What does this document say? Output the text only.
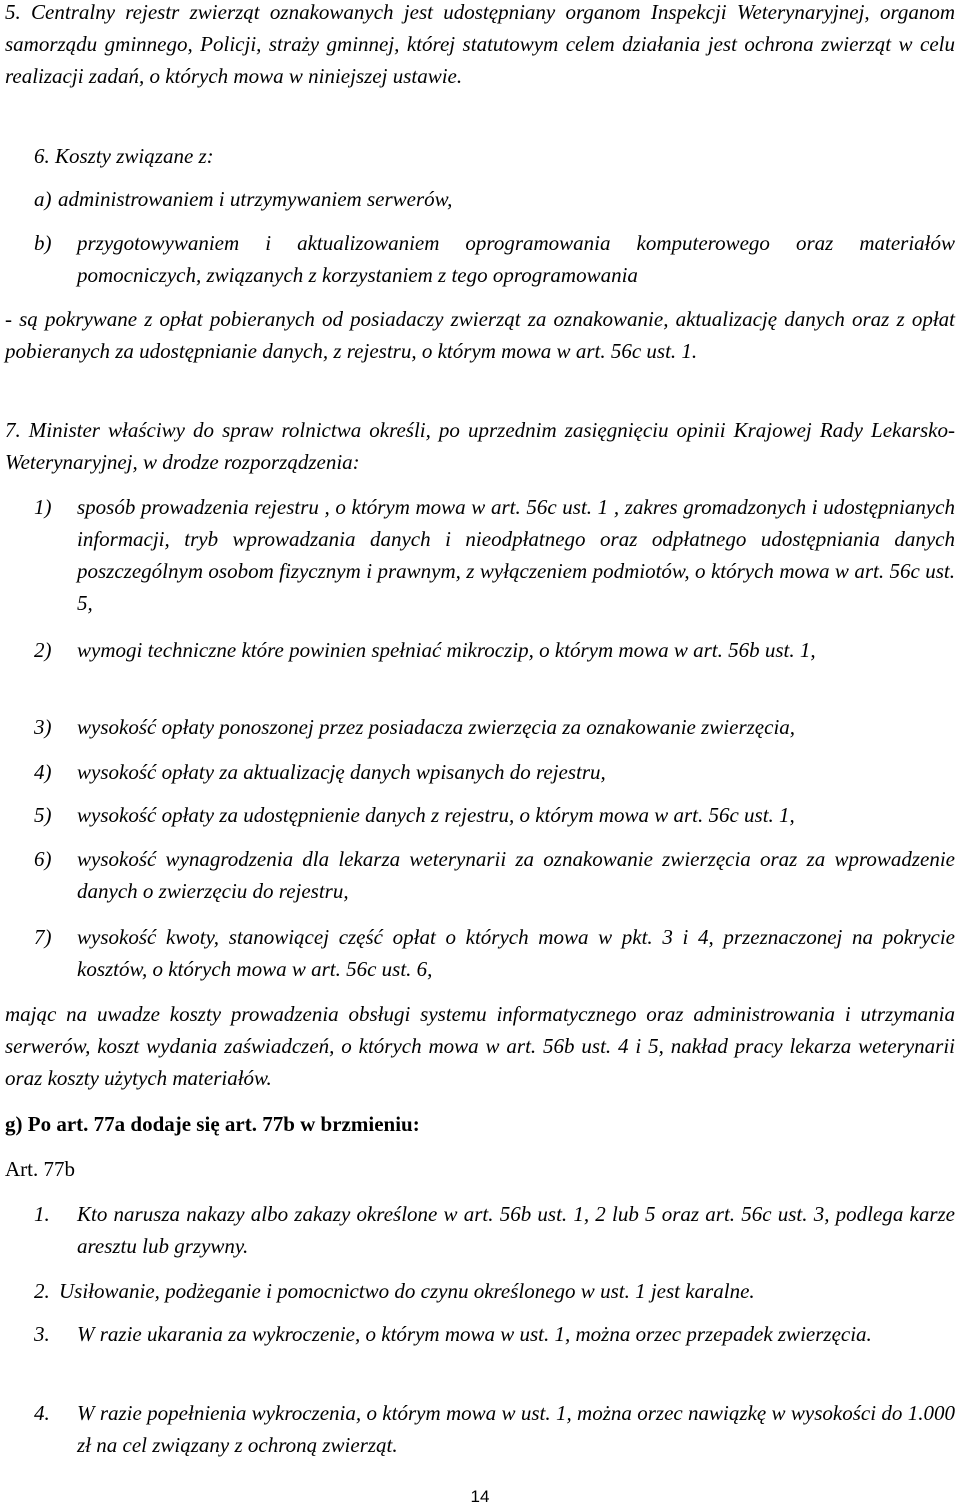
5. Centralny rejestr zwierząt oznakowanych jest udostępniany organom Inspekcji Weterynaryjnej, organom samorządu gminnego, Policji, straży gminnej, której statutowym celem działania jest ochrona zwierząt w celu realizacji zadań, o których mowa w niniejszej ustawie.
6. Koszty związane z:
a) administrowaniem i utrzymywaniem serwerów,
b) przygotowywaniem i aktualizowaniem oprogramowania komputerowego oraz materiałów pomocniczych, związanych z korzystaniem z tego oprogramowania
- są pokrywane z opłat pobieranych od posiadaczy zwierząt za oznakowanie, aktualizację danych oraz z opłat pobieranych za udostępnianie danych, z rejestru, o którym mowa w art. 56c ust. 1.
7. Minister właściwy do spraw rolnictwa określi, po uprzednim zasięgnięciu opinii Krajowej Rady Lekarsko-Weterynaryjnej, w drodze rozporządzenia:
1) sposób prowadzenia rejestru , o którym mowa w art. 56c ust. 1 , zakres gromadzonych i udostępnianych informacji, tryb wprowadzania danych i nieodpłatnego oraz odpłatnego udostępniania danych poszczególnym osobom fizycznym i prawnym, z wyłączeniem podmiotów, o których mowa w art. 56c ust. 5,
2) wymogi techniczne które powinien spełniać mikroczip, o którym mowa w art. 56b ust. 1,
3) wysokość opłaty ponoszonej przez posiadacza zwierzęcia za oznakowanie zwierzęcia,
4) wysokość opłaty za aktualizację danych wpisanych do rejestru,
5) wysokość opłaty za udostępnienie danych z rejestru, o którym mowa w art. 56c ust. 1,
6) wysokość wynagrodzenia dla lekarza weterynarii za oznakowanie zwierzęcia oraz za wprowadzenie danych o zwierzęciu do rejestru,
7) wysokość kwoty, stanowiącej część opłat o których mowa w pkt. 3 i 4, przeznaczonej na pokrycie kosztów, o których mowa w art. 56c ust. 6,
mając na uwadze koszty prowadzenia obsługi systemu informatycznego oraz administrowania i utrzymania serwerów, koszt wydania zaświadczeń, o których mowa w art. 56b ust. 4 i 5, nakład pracy lekarza weterynarii oraz koszty użytych materiałów.
g) Po art. 77a dodaje się art. 77b w brzmieniu:
Art. 77b
1. Kto narusza nakazy albo zakazy określone w art. 56b ust. 1, 2 lub 5 oraz art. 56c ust. 3, podlega karze aresztu lub grzywny.
2. Usiłowanie, podżeganie i pomocnictwo do czynu określonego w ust. 1 jest karalne.
3. W razie ukarania za wykroczenie, o którym mowa w ust. 1, można orzec przepadek zwierzęcia.
4. W razie popełnienia wykroczenia, o którym mowa w ust. 1, można orzec nawiązkę w wysokości do 1.000 zł na cel związany z ochroną zwierząt.
14
